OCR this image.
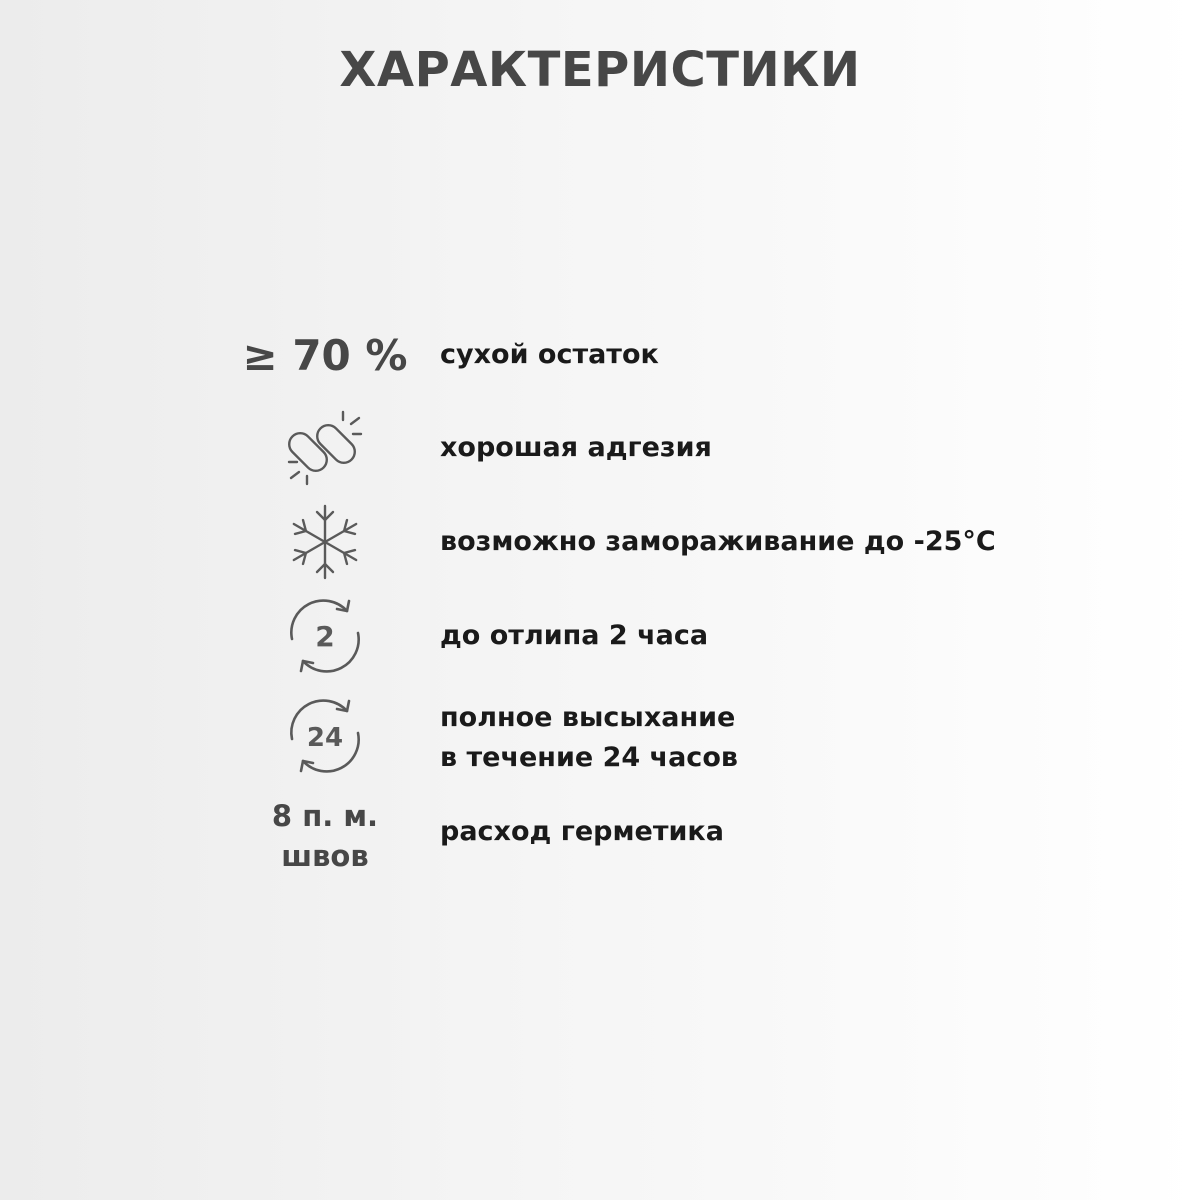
ХАРАКТЕРИСТИКИ
≥ 70 % сухой остаток
хорошая адгезия
возможно замораживание до -25°C
2	до отлипа 2 часа
24
полное высыхание
в течение 24 часов
8 п. м.
швов
расход герметика
